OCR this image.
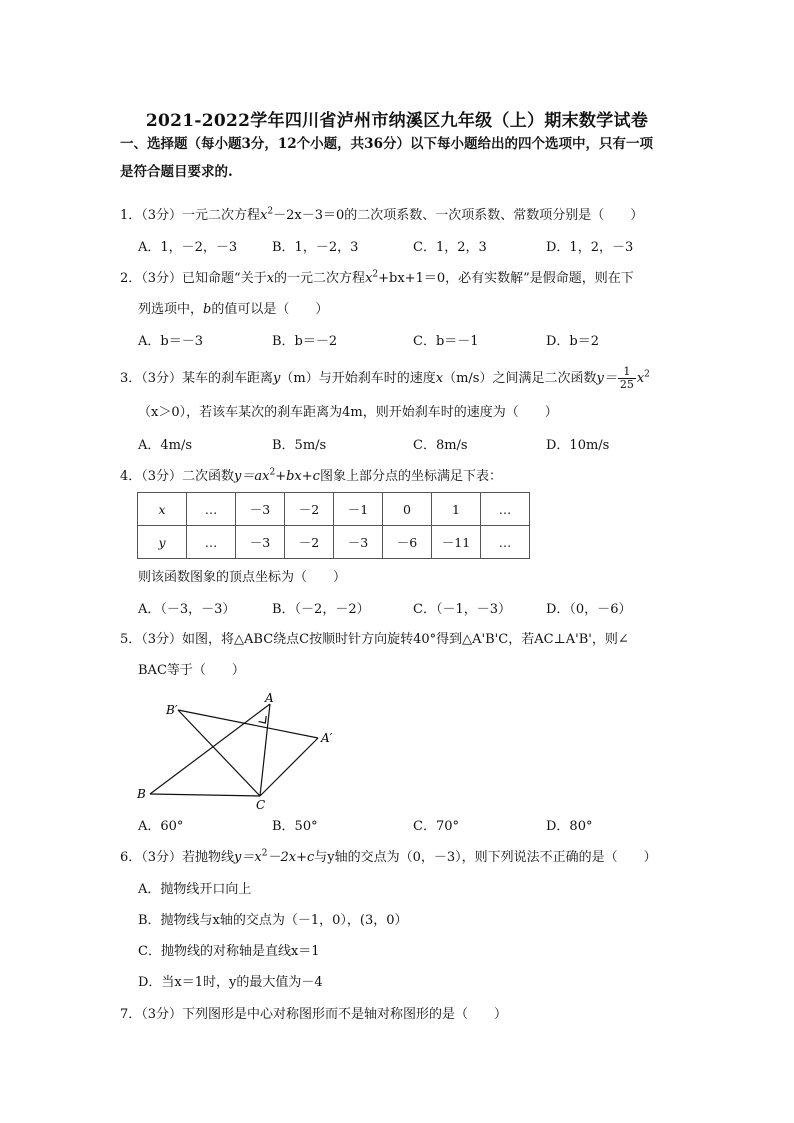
2021-2022学年四川省泸州市纳溪区九年级（上）期末数学试卷
一、选择题（每小题3分，12个小题，共36分）以下每小题给出的四个选项中，只有一项
是符合题目要求的.
1．（3分）一元二次方程$x^2-2x-3=0$的二次项系数、一次项系数、常数项分别是（　　）
A．1，－2，－3	B．1，－2，3	C．1，2，3	D．1，2，－3
2．（3分）已知命题“关于x的一元二次方程$x^2+bx+1=0$，必有实数解”是假命题，则在下
列选项中，b的值可以是（　　）
A．b＝－3	B．b＝－2	C．b＝－1	D．b＝2
3．（3分）某车的刹车距离y（m）与开始刹车时的速度x（m/s）之间满足二次函数$y= \frac{1}{25} x^2$
（x＞0），若该车某次的刹车距离为4m，则开始刹车时的速度为（　　）
A．4m/s	B．5m/s	C．8m/s	D．10m/s
4．（3分）二次函数$y=ax^2+bx+c$图象上部分点的坐标满足下表：
x	…	－3	－2	－1	0	1	…
y	…	－3	－2	－3	－6	－11	…
则该函数图象的顶点坐标为（　　）
A．（－3，－3）	B．（－2，－2）	C．（－1，－3）	D．（0，－6）
5．（3分）如图，将△ABC绕点C按顺时针方向旋转40°得到△A'B'C，若AC⊥A'B'，则∠
BAC等于（　　）
B′
A
A′
B
C
A．60°	B．50°	C．70°	D．80°
6．（3分）若抛物线$y=x^2-2x+c$与y轴的交点为（0，－3），则下列说法不正确的是（　　）
A．抛物线开口向上
B．抛物线与x轴的交点为（－1，0），(3，0）
C．抛物线的对称轴是直线x＝1
D．当x＝1时，y的最大值为－4
7．（3分）下列图形是中心对称图形而不是轴对称图形的是（　　）
